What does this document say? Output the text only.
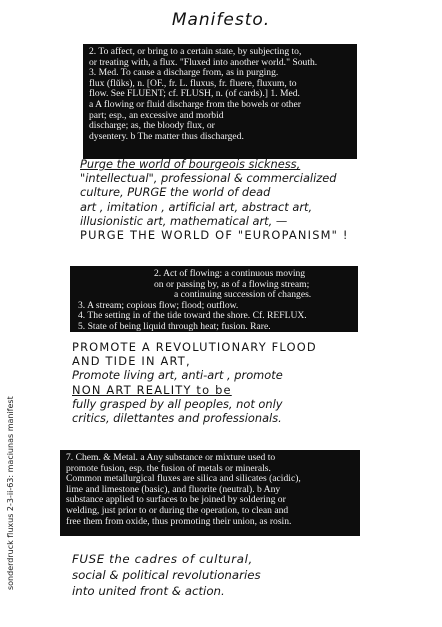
Manifesto.
2. To affect, or bring to a certain state, by subjecting to,
or treating with, a flux. "Fluxed into another world." South.
3. Med. To cause a discharge from, as in purging.
flux (flŭks), n. [OF., fr. L. fluxus, fr. fluere, fluxum, to
flow. See FLUENT; cf. FLUSH, n. (of cards).] 1. Med.
a A flowing or fluid discharge from the bowels or other
part; esp., an excessive and morbid
discharge; as, the bloody flux, or
dysentery. b The matter thus discharged.
Purge the world of bourgeois sickness,
"intellectual", professional & commercialized
culture, PURGE the world of dead
art , imitation , artificial art, abstract art,
illusionistic art, mathematical art, —
PURGE THE WORLD OF "EUROPANISM" !
2. Act of flowing: a continuous moving
on or passing by, as of a flowing stream;
a continuing succession of changes.
3. A stream; copious flow; flood; outflow.
4. The setting in of the tide toward the shore. Cf. REFLUX.
5. State of being liquid through heat; fusion. Rare.
PROMOTE A REVOLUTIONARY FLOOD
AND TIDE IN ART,
Promote living art, anti-art , promote
NON ART REALITY to be
fully grasped by all peoples, not only
critics, dilettantes and professionals.
7. Chem. & Metal. a Any substance or mixture used to
promote fusion, esp. the fusion of metals or minerals.
Common metallurgical fluxes are silica and silicates (acidic),
lime and limestone (basic), and fluorite (neutral). b Any
substance applied to surfaces to be joined by soldering or
welding, just prior to or during the operation, to clean and
free them from oxide, thus promoting their union, as rosin.
FUSE the cadres of cultural,
social & political revolutionaries
into united front & action.
sonderdruck fluxus 2-3-ii-63: maciunas manifest
